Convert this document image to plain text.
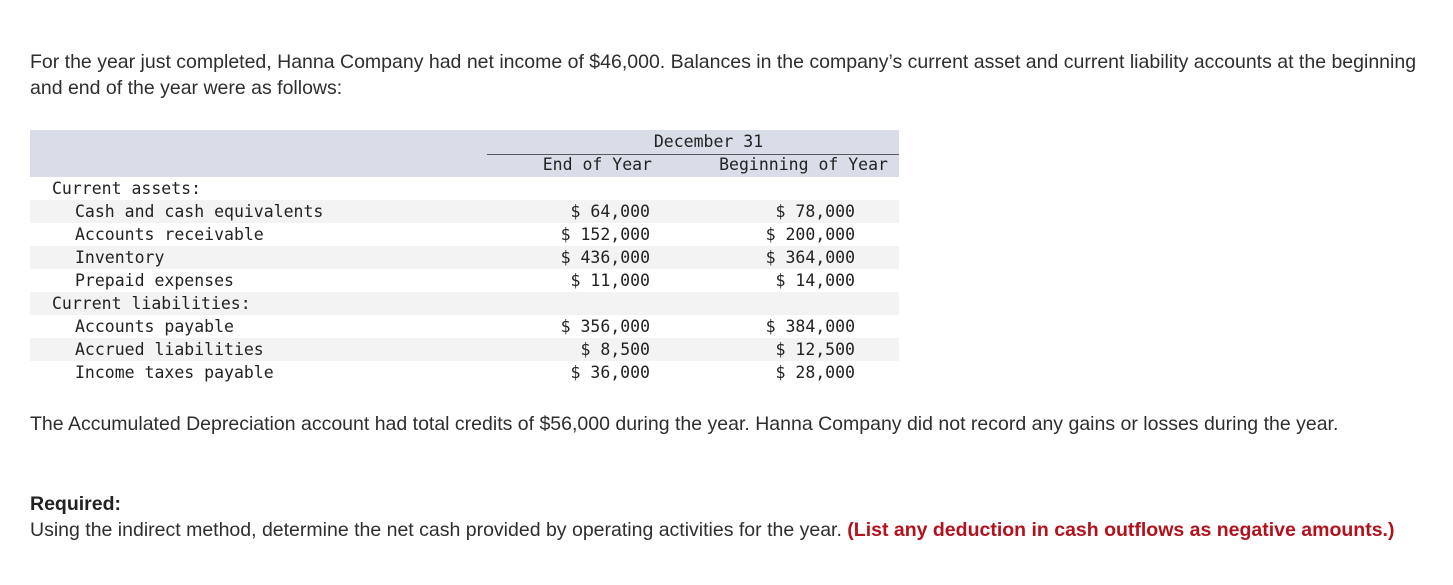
For the year just completed, Hanna Company had net income of $46,000. Balances in the company’s current asset and current liability accounts at the beginning and end of the year were as follows:
December 31
End of Year	Beginning of Year
Current assets:
Cash and cash equivalents	$ 64,000	$ 78,000
Accounts receivable	$ 152,000	$ 200,000
Inventory	$ 436,000	$ 364,000
Prepaid expenses	$ 11,000	$ 14,000
Current liabilities:
Accounts payable	$ 356,000	$ 384,000
Accrued liabilities	$ 8,500	$ 12,500
Income taxes payable	$ 36,000	$ 28,000
The Accumulated Depreciation account had total credits of $56,000 during the year. Hanna Company did not record any gains or losses during the year.
Required:
Using the indirect method, determine the net cash provided by operating activities for the year. (List any deduction in cash outflows as negative amounts.)
